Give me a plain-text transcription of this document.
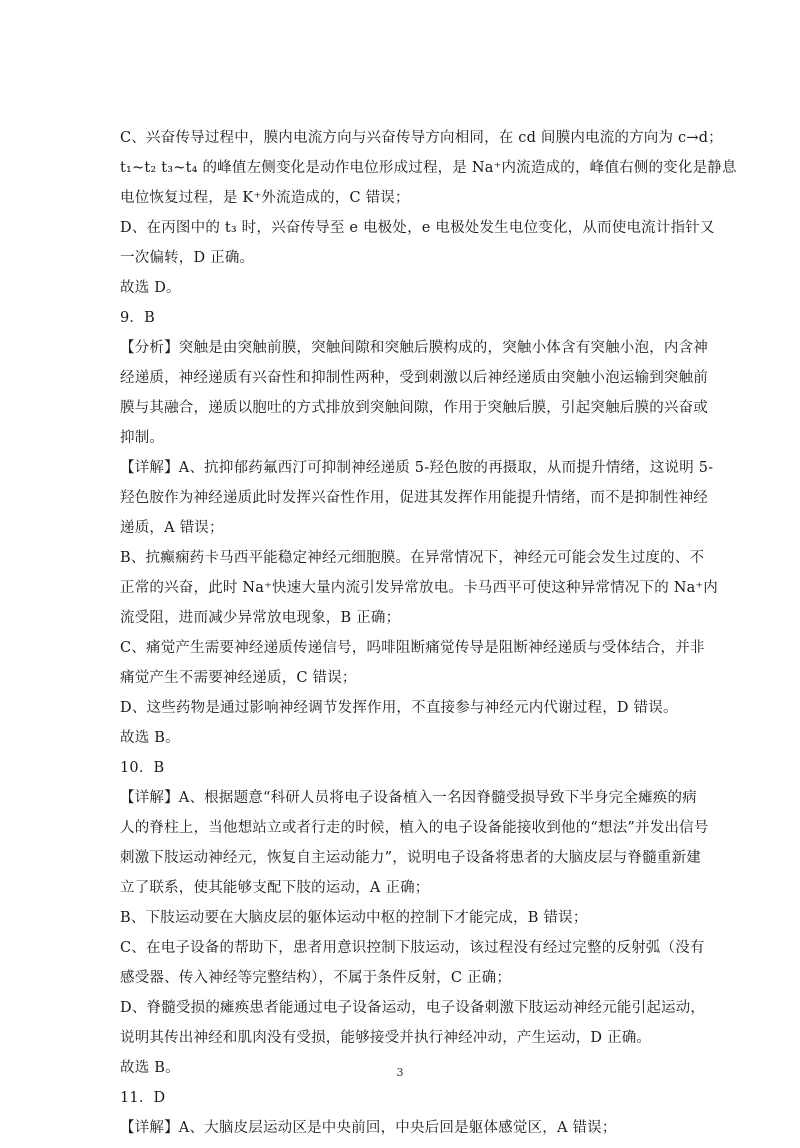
C、兴奋传导过程中，膜内电流方向与兴奋传导方向相同，在 cd 间膜内电流的方向为 c→d；

t₁~t₂ t₃~t₄ 的峰值左侧变化是动作电位形成过程，是 Na⁺内流造成的，峰值右侧的变化是静息

电位恢复过程，是 K⁺外流造成的，C 错误；

D、在丙图中的 t₃ 时，兴奋传导至 e 电极处，e 电极处发生电位变化，从而使电流计指针又

一次偏转，D 正确。

故选 D。

9．B

【分析】突触是由突触前膜，突触间隙和突触后膜构成的，突触小体含有突触小泡，内含神

经递质，神经递质有兴奋性和抑制性两种，受到刺激以后神经递质由突触小泡运输到突触前

膜与其融合，递质以胞吐的方式排放到突触间隙，作用于突触后膜，引起突触后膜的兴奋或

抑制。

【详解】A、抗抑郁药氟西汀可抑制神经递质 5-羟色胺的再摄取，从而提升情绪，这说明 5-

羟色胺作为神经递质此时发挥兴奋性作用，促进其发挥作用能提升情绪，而不是抑制性神经

递质，A 错误；

B、抗癫痫药卡马西平能稳定神经元细胞膜。在异常情况下，神经元可能会发生过度的、不

正常的兴奋，此时 Na⁺快速大量内流引发异常放电。卡马西平可使这种异常情况下的 Na⁺内

流受阻，进而减少异常放电现象，B 正确；

C、痛觉产生需要神经递质传递信号，吗啡阻断痛觉传导是阻断神经递质与受体结合，并非

痛觉产生不需要神经递质，C 错误；

D、这些药物是通过影响神经调节发挥作用，不直接参与神经元内代谢过程，D 错误。

故选 B。

10．B

【详解】A、根据题意“科研人员将电子设备植入一名因脊髓受损导致下半身完全瘫痪的病

人的脊柱上，当他想站立或者行走的时候，植入的电子设备能接收到他的“想法”并发出信号

刺激下肢运动神经元，恢复自主运动能力”，说明电子设备将患者的大脑皮层与脊髓重新建

立了联系，使其能够支配下肢的运动，A 正确；

B、下肢运动要在大脑皮层的躯体运动中枢的控制下才能完成，B 错误；

C、在电子设备的帮助下，患者用意识控制下肢运动，该过程没有经过完整的反射弧（没有

感受器、传入神经等完整结构），不属于条件反射，C 正确；

D、脊髓受损的瘫痪患者能通过电子设备运动，电子设备刺激下肢运动神经元能引起运动，

说明其传出神经和肌肉没有受损，能够接受并执行神经冲动，产生运动，D 正确。

故选 B。

11．D

【详解】A、大脑皮层运动区是中央前回，中央后回是躯体感觉区，A 错误；

3
